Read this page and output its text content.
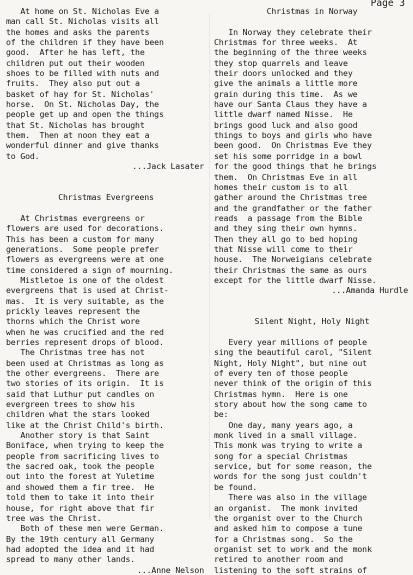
Page 3

At home on St. Nicholas Eve a

man call St. Nicholas visits all

the homes and asks the parents

of the children if they have been

good.  After he has left, the

children put out their wooden

shoes to be filled with nuts and

fruits.  They also put out a

basket of hay for St. Nicholas'

horse.  On St. Nicholas Day, the

people get up and open the things

that St. Nicholas has brought

them.  Then at noon they eat a

wonderful dinner and give thanks

to God.

...Jack Lasater

Christmas Evergreens

At Christmas evergreens or

flowers are used for decorations.

This has been a custom for many

generations.  Some people prefer

flowers as evergreens were at one

time considered a sign of mourning.

Mistletoe is one of the oldest

evergreens that is used at Christ-

mas.  It is very suitable, as the

prickly leaves represent the

thorns which the Christ wore

when he was crucified and the red

berries represent drops of blood.

The Christmas tree has not

been used at Christmas as long as

the other evergreens.  There are

two stories of its origin.  It is

said that Luthur put candles on

evergreen trees to show his

children what the stars looked

like at the Christ Child's birth.

Another story is that Saint

Boniface, when trying to keep the

people from sacrificing lives to

the sacred oak, took the people

out into the forest at Yuletime

and showed them a fir tree.  He

told them to take it into their

house, for right above that fir

tree was the Christ.

Both of these men were German.

By the 19th century all Germany

had adopted the idea and it had

spread to many other lands.

...Anne Nelson

Christmas in Norway

In Norway they celebrate their

Christmas for three weeks.  At

the beginning of the three weeks

they stop quarrels and leave

their doors unlocked and they

give the animals a little more

grain during this time.  As we

have our Santa Claus they have a

little dwarf named Nisse.  He

brings good luck and also good

things to boys and girls who have

been good.  On Christmas Eve they

set his some porridge in a bowl

for the good things that he brings

them.  On Christmas Eve in all

homes their custom is to all

gather around the Christmas tree

and the grandfather or the father

reads  a passage from the Bible

and they sing their own hymns.

Then they all go to bed hoping

that Nisse will come to their

house.  The Norweigians celebrate

their Christmas the same as ours

except for the little dwarf Nisse.

...Amanda Hurdle

Silent Night, Holy Night

Every year millions of people

sing the beautiful carol, "Silent

Night, Holy Night", but nine out

of every ten of those people

never think of the origin of this

Christmas hymn.  Here is one

story about how the song came to

be:

One day, many years ago, a

monk lived in a small village.

This monk was trying to write a

song for a special Christmas

service, but for some reason, the

words for the song just couldn't

be found.

There was also in the village

an organist.  The monk invited

the organist over to the Church

and asked him to compose a tune

for a Christmas song.  So the

organist set to work and the monk

retired to another room and

listening to the soft strains of
